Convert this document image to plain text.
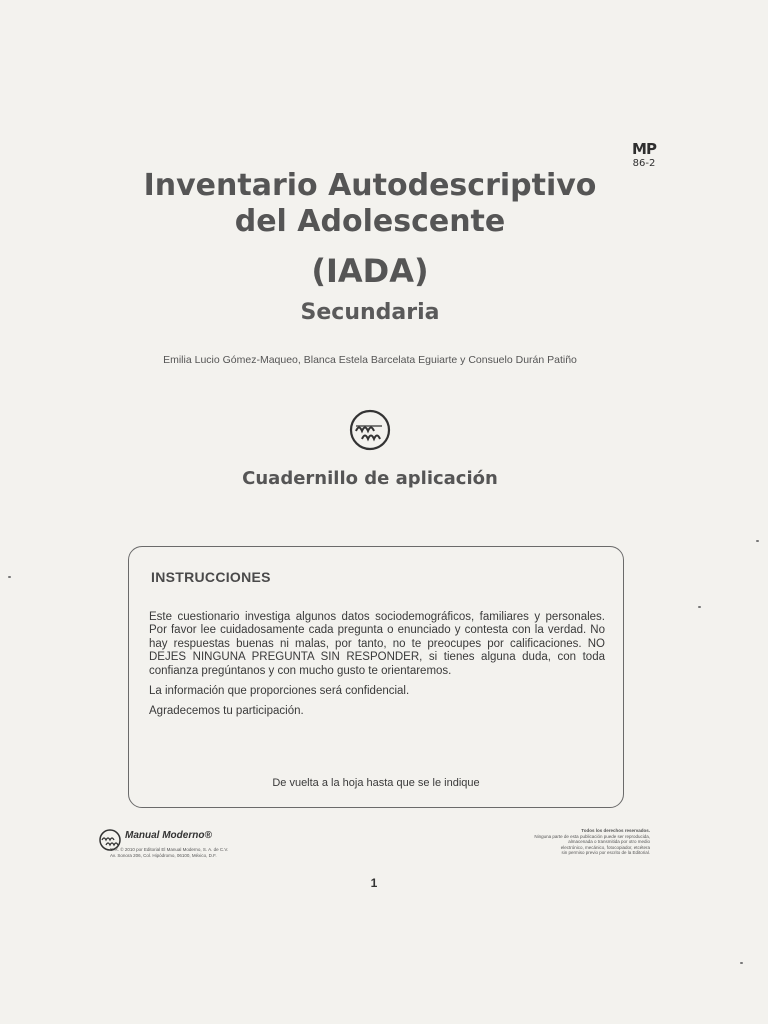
MP
86-2
Inventario Autodescriptivo
del Adolescente
(IADA)
Secundaria
Emilia Lucio Gómez-Maqueo, Blanca Estela Barcelata Eguiarte y Consuelo Durán Patiño
Cuadernillo de aplicación
INSTRUCCIONES

Este cuestionario investiga algunos datos sociodemográficos, familiares y personales. Por favor lee cuidadosamente cada pregunta o enunciado y contesta con la verdad. No hay respuestas buenas ni malas, por tanto, no te preocupes por calificaciones. NO DEJES NINGUNA PREGUNTA SIN RESPONDER, si tienes alguna duda, con toda confianza pregúntanos y con mucho gusto te orientaremos.

La información que proporciones será confidencial.

Agradecemos tu participación.

De vuelta a la hoja hasta que se le indique
Manual Moderno®
D.R. © 2010 por Editorial El Manual Moderno, S. A. de C.V.
Av. Sonora 206, Col. Hipódromo, 06100, México, D.F.
Todos los derechos reservados.
Ninguna parte de esta publicación puede ser reproducida,
almacenada o transmitida por otro medio
electrónico, mecánico, fotocopiador, etcétera
sin permiso previo por escrito de la Editorial.
1
